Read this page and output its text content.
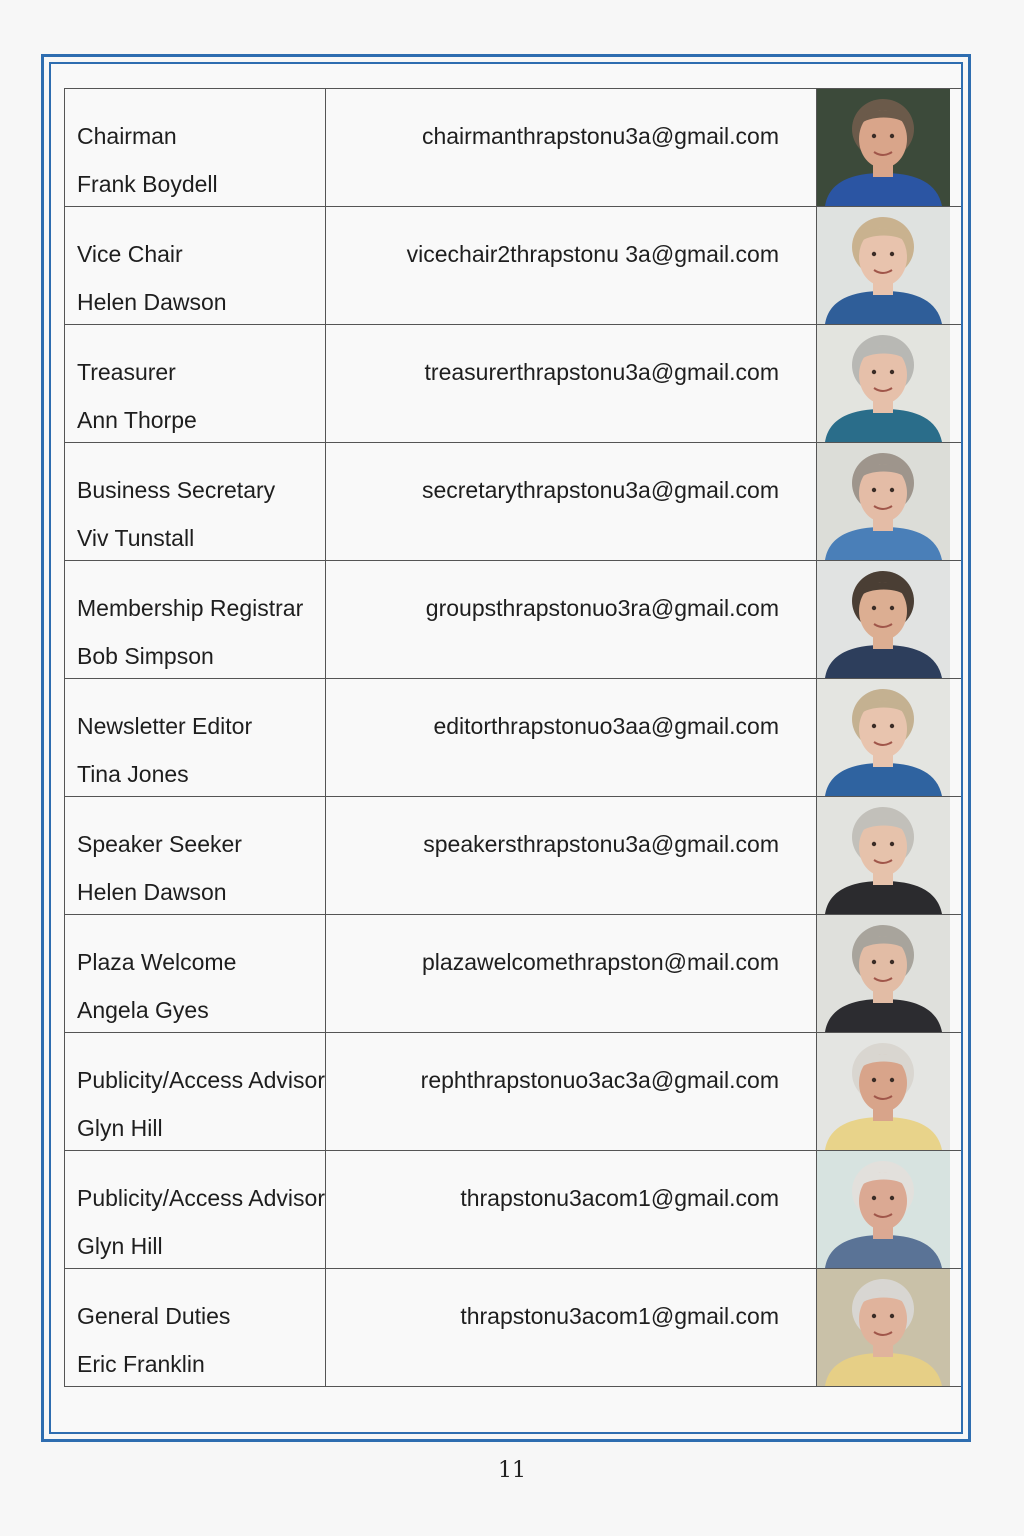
Chairman
Frank Boydell
chairmanthrapstonu3a@gmail.com
Vice Chair
Helen Dawson
vicechair2thrapstonu 3a@gmail.com
Treasurer
Ann Thorpe
treasurerthrapstonu3a@gmail.com
Business Secretary
Viv Tunstall
secretarythrapstonu3a@gmail.com
Membership Registrar
Bob Simpson
groupsthrapstonuo3ra@gmail.com
Newsletter Editor
Tina Jones
editorthrapstonuo3aa@gmail.com
Speaker Seeker
Helen Dawson
speakersthrapstonu3a@gmail.com
Plaza Welcome
Angela Gyes
plazawelcomethrapston@mail.com
Publicity/Access Advisor
Glyn Hill
rephthrapstonuo3ac3a@gmail.com
Publicity/Access Advisor
Glyn Hill
thrapstonu3acom1@gmail.com
General Duties
Eric Franklin
thrapstonu3acom1@gmail.com
11
